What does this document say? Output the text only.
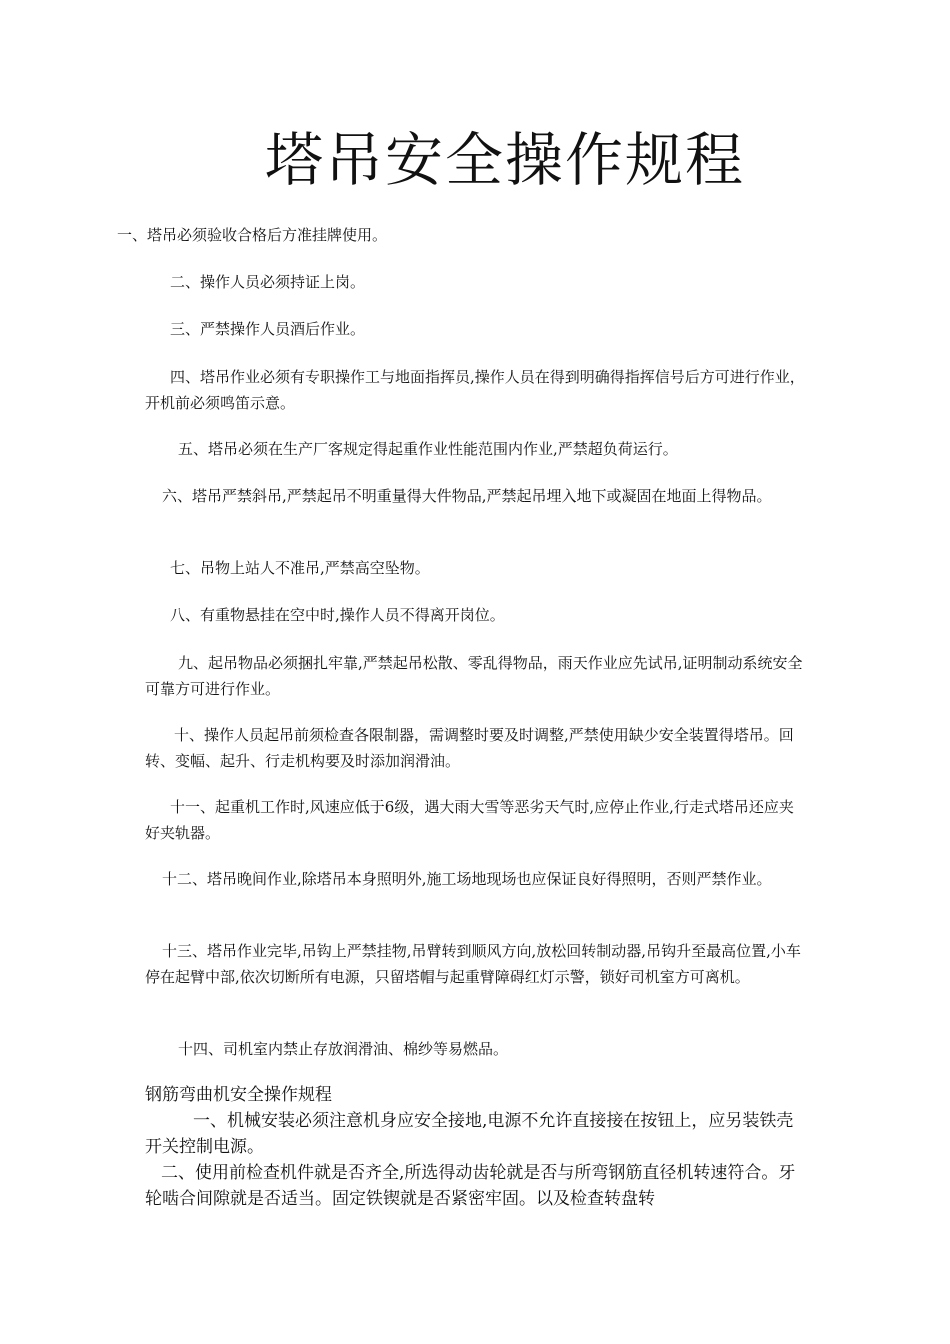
塔吊安全操作规程
一、塔吊必须验收合格后方准挂牌使用。
二、操作人员必须持证上岗。
三、严禁操作人员酒后作业。
四、塔吊作业必须有专职操作工与地面指挥员,操作人员在得到明确得指挥信号后方可进行作业，开机前必须鸣笛示意。
五、塔吊必须在生产厂客规定得起重作业性能范围内作业,严禁超负荷运行。
六、塔吊严禁斜吊,严禁起吊不明重量得大件物品,严禁起吊埋入地下或凝固在地面上得物品。
七、吊物上站人不准吊,严禁高空坠物。
八、有重物悬挂在空中时,操作人员不得离开岗位。
九、起吊物品必须捆扎牢靠,严禁起吊松散、零乱得物品，雨天作业应先试吊,证明制动系统安全可靠方可进行作业。
十、操作人员起吊前须检查各限制器，需调整时要及时调整,严禁使用缺少安全装置得塔吊。回转、变幅、起升、行走机构要及时添加润滑油。
十一、起重机工作时,风速应低于6级，遇大雨大雪等恶劣天气时,应停止作业,行走式塔吊还应夹好夹轨器。
十二、塔吊晚间作业,除塔吊本身照明外,施工场地现场也应保证良好得照明，否则严禁作业。
十三、塔吊作业完毕,吊钩上严禁挂物,吊臂转到顺风方向,放松回转制动器,吊钩升至最高位置,小车停在起臂中部,依次切断所有电源，只留塔帽与起重臂障碍红灯示警，锁好司机室方可离机。
十四、司机室内禁止存放润滑油、棉纱等易燃品。
钢筋弯曲机安全操作规程
一、机械安装必须注意机身应安全接地,电源不允许直接接在按钮上，应另装铁壳开关控制电源。
二、使用前检查机件就是否齐全,所选得动齿轮就是否与所弯钢筋直径机转速符合。牙轮啮合间隙就是否适当。固定铁锲就是否紧密牢固。以及检查转盘转
